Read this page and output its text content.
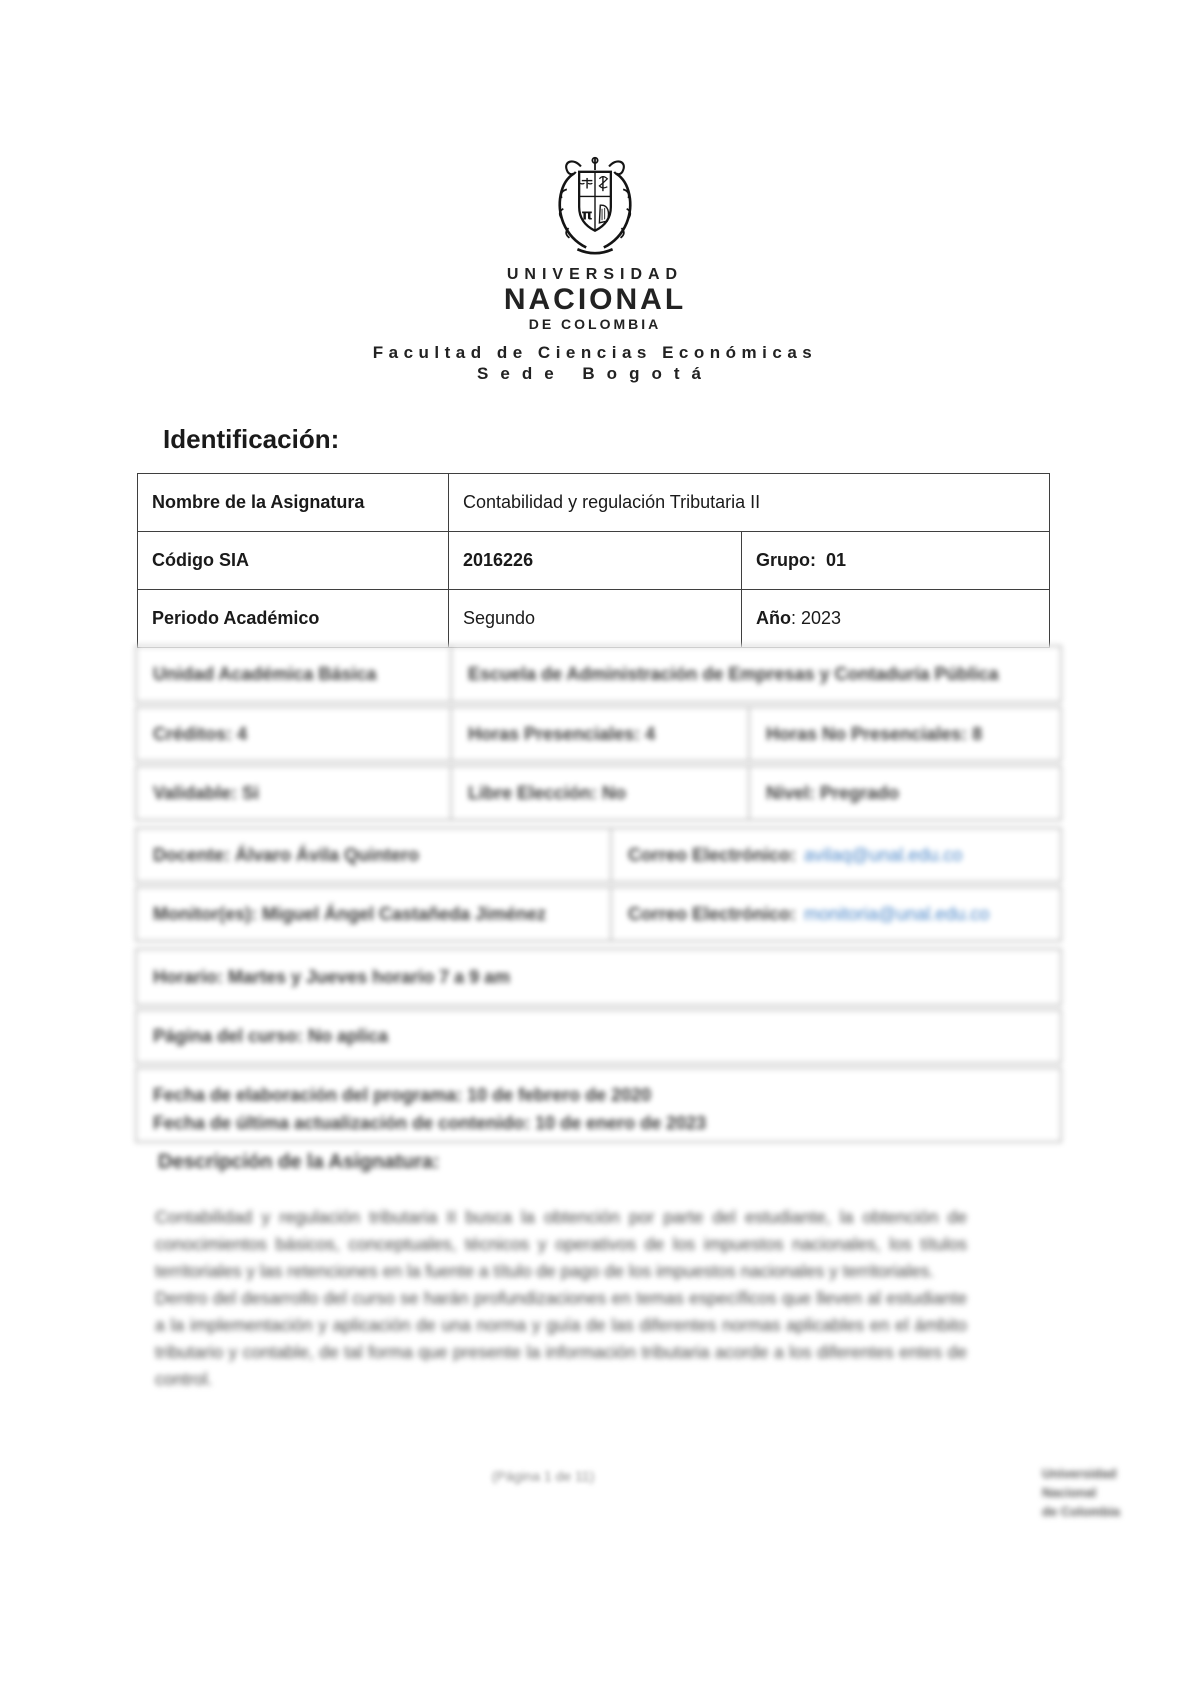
π
UNIVERSIDAD
NACIONAL
DE COLOMBIA
Facultad de Ciencias Económicas
Sede Bogotá
Identificación:
Nombre de la Asignatura	Contabilidad y regulación Tributaria II	
Código SIA	2016226	Grupo:  01
Periodo Académico	Segundo	Año: 2023
Unidad Académica Básica	Escuela de Administración de Empresas y Contaduría Pública
Créditos: 4	Horas Presenciales: 4	Horas No Presenciales: 8
Validable: Si	Libre Elección: No	Nivel: Pregrado
Docente: Álvaro Ávila Quintero	Correo Electrónico: avilaq@unal.edu.co
Monitor(es): Miguel Ángel Castañeda Jiménez	Correo Electrónico: monitoria@unal.edu.co
Horario: Martes y Jueves horario 7 a 9 am
Página del curso: No aplica
Fecha de elaboración del programa: 10 de febrero de 2020
Fecha de última actualización de contenido: 10 de enero de 2023
Descripción de la Asignatura:

Contabilidad y regulación tributaria II busca la obtención por parte del estudiante, la obtención de conocimientos básicos, conceptuales, técnicos y operativos de los impuestos nacionales, los títulos territoriales y las retenciones en la fuente a título de pago de los impuestos nacionales y territoriales.

Dentro del desarrollo del curso se harán profundizaciones en temas específicos que lleven al estudiante a la implementación y aplicación de una norma y guía de las diferentes normas aplicables en el ámbito tributario y contable, de tal forma que presente la información tributaria acorde a los diferentes entes de control.

(Página 1 de 11)	Universidad
Nacional
de Colombia
